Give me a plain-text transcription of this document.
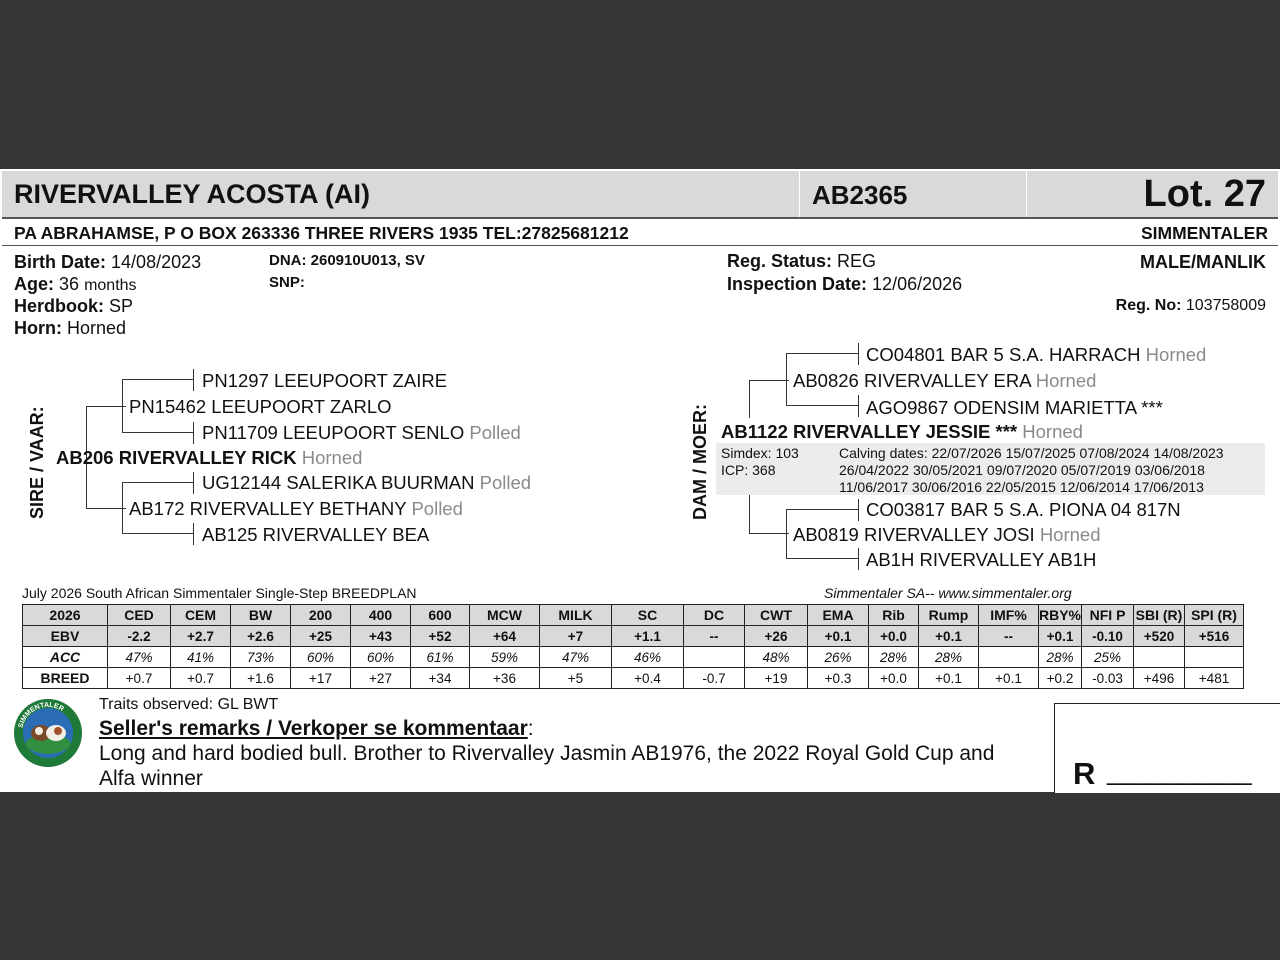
RIVERVALLEY ACOSTA (AI)	AB2365	Lot. 27
PA ABRAHAMSE, P O BOX 263336 THREE RIVERS 1935 TEL:27825681212	SIMMENTALER
Birth Date: 14/08/2023
Age: 36 months
Herdbook: SP
Horn: Horned
DNA: 260910U013, SV
SNP:
Reg. Status: REG
Inspection Date: 12/06/2026
MALE/MANLIK
Reg. No: 103758009
SIRE / VAAR:
PN1297 LEEUPOORT ZAIRE
PN15462 LEEUPOORT ZARLO
PN11709 LEEUPOORT SENLO Polled
AB206 RIVERVALLEY RICK Horned
UG12144 SALERIKA BUURMAN Polled
AB172 RIVERVALLEY BETHANY Polled
AB125 RIVERVALLEY BEA
DAM / MOER:
CO04801 BAR 5 S.A. HARRACH Horned
AB0826 RIVERVALLEY ERA Horned
AGO9867 ODENSIM MARIETTA ***
AB1122 RIVERVALLEY JESSIE *** Horned
Simdex: 103
ICP: 368
Calving dates: 22/07/2026 15/07/2025 07/08/2024 14/08/2023
26/04/2022 30/05/2021 09/07/2020 05/07/2019 03/06/2018
11/06/2017 30/06/2016 22/05/2015 12/06/2014 17/06/2013
CO03817 BAR 5 S.A. PIONA 04 817N
AB0819 RIVERVALLEY JOSI Horned
AB1H RIVERVALLEY AB1H
July 2026 South African Simmentaler Single-Step BREEDPLAN	Simmentaler SA-- www.simmentaler.org
2026	CED	CEM	BW	200	400	600	MCW	MILK	SC	DC	CWT	EMA	Rib	Rump	IMF%	RBY%	NFI P	SBI (R)	SPI (R)
EBV	-2.2	+2.7	+2.6	+25	+43	+52	+64	+7	+1.1	--	+26	+0.1	+0.0	+0.1	--	+0.1	-0.10	+520	+516
ACC	47%	41%	73%	60%	60%	61%	59%	47%	46%		48%	26%	28%	28%		28%	25%		
BREED	+0.7	+0.7	+1.6	+17	+27	+34	+36	+5	+0.4	-0.7	+19	+0.3	+0.0	+0.1	+0.1	+0.2	-0.03	+496	+481
SIMMENTALER Traits observed: GL BWT
Seller's remarks / Verkoper se kommentaar:
Long and hard bodied bull. Brother to Rivervalley Jasmin AB1976, the 2022 Royal Gold Cup and
Alfa winner	R __________
